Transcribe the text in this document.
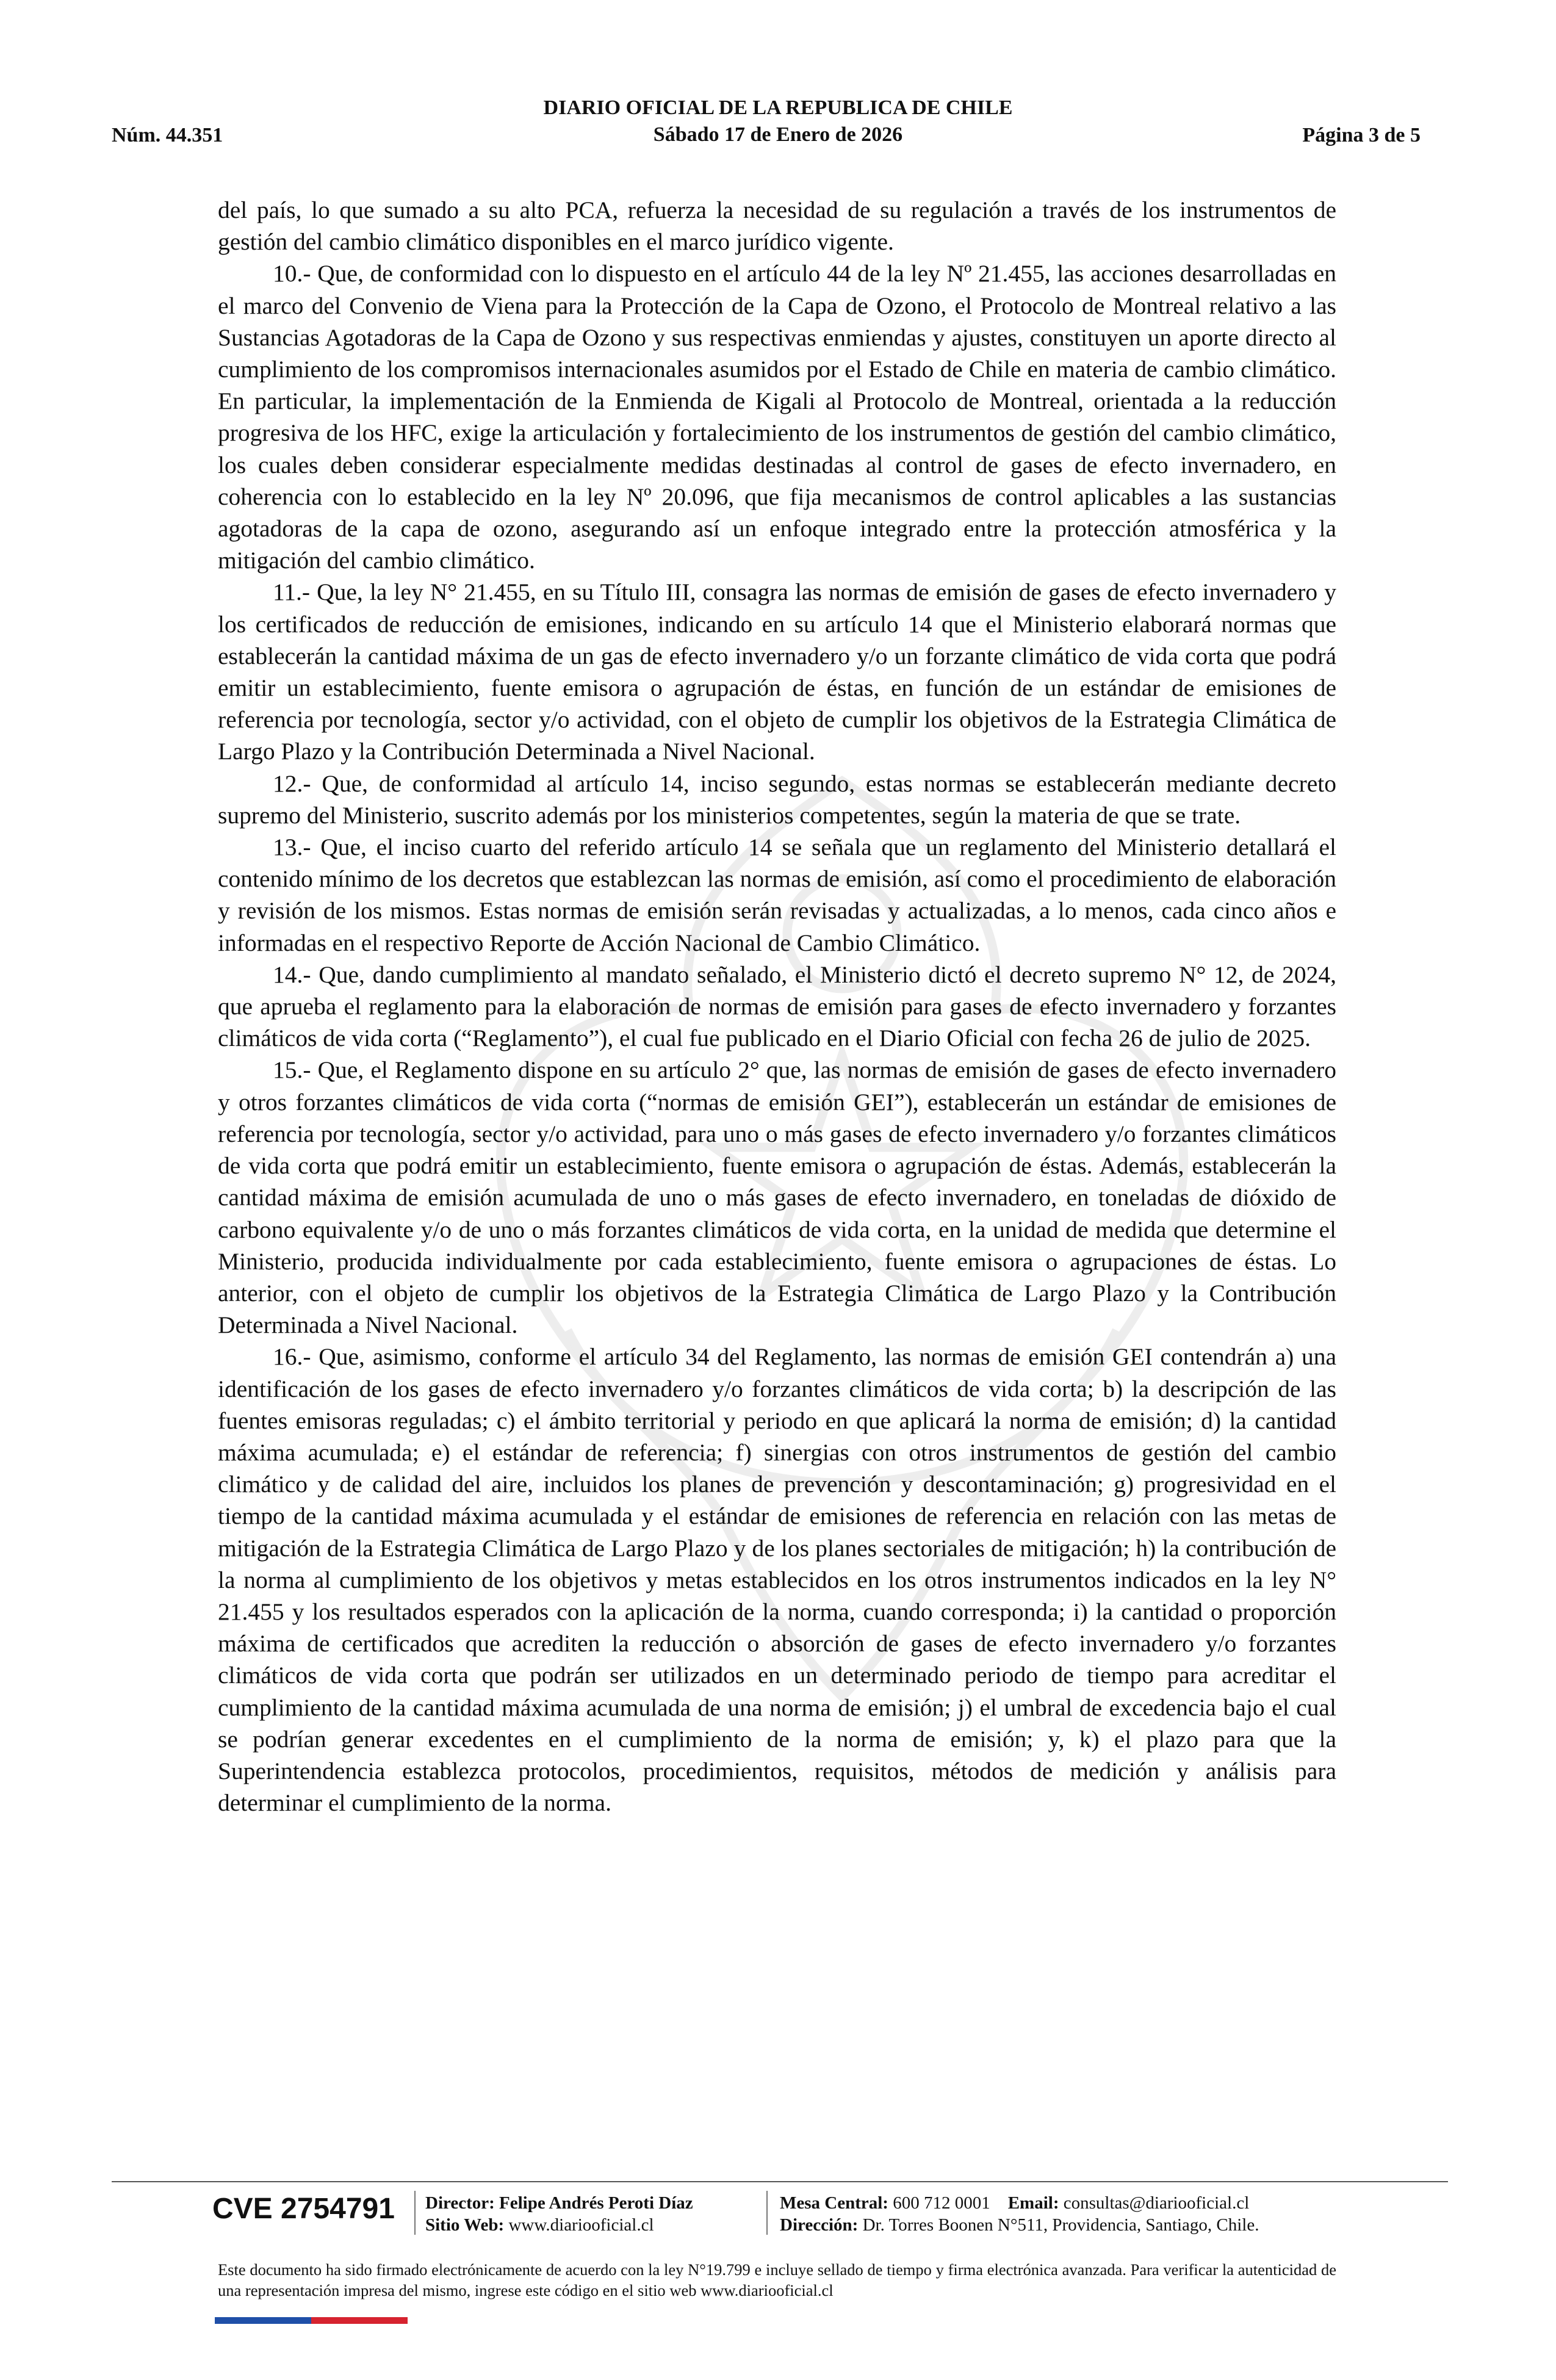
DIARIO OFICIAL DE LA REPUBLICA DE CHILE
Sábado 17 de Enero de 2026
Núm. 44.351	Página 3 de 5

del país, lo que sumado a su alto PCA, refuerza la necesidad de su regulación a través de los instrumentos de gestión del cambio climático disponibles en el marco jurídico vigente.

10.- Que, de conformidad con lo dispuesto en el artículo 44 de la ley Nº 21.455, las acciones desarrolladas en el marco del Convenio de Viena para la Protección de la Capa de Ozono, el Protocolo de Montreal relativo a las Sustancias Agotadoras de la Capa de Ozono y sus respectivas enmiendas y ajustes, constituyen un aporte directo al cumplimiento de los compromisos internacionales asumidos por el Estado de Chile en materia de cambio climático. En particular, la implementación de la Enmienda de Kigali al Protocolo de Montreal, orientada a la reducción progresiva de los HFC, exige la articulación y fortalecimiento de los instrumentos de gestión del cambio climático, los cuales deben considerar especialmente medidas destinadas al control de gases de efecto invernadero, en coherencia con lo establecido en la ley Nº 20.096, que fija mecanismos de control aplicables a las sustancias agotadoras de la capa de ozono, asegurando así un enfoque integrado entre la protección atmosférica y la mitigación del cambio climático.

11.- Que, la ley N° 21.455, en su Título III, consagra las normas de emisión de gases de efecto invernadero y los certificados de reducción de emisiones, indicando en su artículo 14 que el Ministerio elaborará normas que establecerán la cantidad máxima de un gas de efecto invernadero y/o un forzante climático de vida corta que podrá emitir un establecimiento, fuente emisora o agrupación de éstas, en función de un estándar de emisiones de referencia por tecnología, sector y/o actividad, con el objeto de cumplir los objetivos de la Estrategia Climática de Largo Plazo y la Contribución Determinada a Nivel Nacional.

12.- Que, de conformidad al artículo 14, inciso segundo, estas normas se establecerán mediante decreto supremo del Ministerio, suscrito además por los ministerios competentes, según la materia de que se trate.

13.- Que, el inciso cuarto del referido artículo 14 se señala que un reglamento del Ministerio detallará el contenido mínimo de los decretos que establezcan las normas de emisión, así como el procedimiento de elaboración y revisión de los mismos. Estas normas de emisión serán revisadas y actualizadas, a lo menos, cada cinco años e informadas en el respectivo Reporte de Acción Nacional de Cambio Climático.

14.- Que, dando cumplimiento al mandato señalado, el Ministerio dictó el decreto supremo N° 12, de 2024, que aprueba el reglamento para la elaboración de normas de emisión para gases de efecto invernadero y forzantes climáticos de vida corta (“Reglamento”), el cual fue publicado en el Diario Oficial con fecha 26 de julio de 2025.

15.- Que, el Reglamento dispone en su artículo 2° que, las normas de emisión de gases de efecto invernadero y otros forzantes climáticos de vida corta (“normas de emisión GEI”), establecerán un estándar de emisiones de referencia por tecnología, sector y/o actividad, para uno o más gases de efecto invernadero y/o forzantes climáticos de vida corta que podrá emitir un establecimiento, fuente emisora o agrupación de éstas. Además, establecerán la cantidad máxima de emisión acumulada de uno o más gases de efecto invernadero, en toneladas de dióxido de carbono equivalente y/o de uno o más forzantes climáticos de vida corta, en la unidad de medida que determine el Ministerio, producida individualmente por cada establecimiento, fuente emisora o agrupaciones de éstas. Lo anterior, con el objeto de cumplir los objetivos de la Estrategia Climática de Largo Plazo y la Contribución Determinada a Nivel Nacional.

16.- Que, asimismo, conforme el artículo 34 del Reglamento, las normas de emisión GEI contendrán a) una identificación de los gases de efecto invernadero y/o forzantes climáticos de vida corta; b) la descripción de las fuentes emisoras reguladas; c) el ámbito territorial y periodo en que aplicará la norma de emisión; d) la cantidad máxima acumulada; e) el estándar de referencia; f) sinergias con otros instrumentos de gestión del cambio climático y de calidad del aire, incluidos los planes de prevención y descontaminación; g) progresividad en el tiempo de la cantidad máxima acumulada y el estándar de emisiones de referencia en relación con las metas de mitigación de la Estrategia Climática de Largo Plazo y de los planes sectoriales de mitigación; h) la contribución de la norma al cumplimiento de los objetivos y metas establecidos en los otros instrumentos indicados en la ley N° 21.455 y los resultados esperados con la aplicación de la norma, cuando corresponda; i) la cantidad o proporción máxima de certificados que acrediten la reducción o absorción de gases de efecto invernadero y/o forzantes climáticos de vida corta que podrán ser utilizados en un determinado periodo de tiempo para acreditar el cumplimiento de la cantidad máxima acumulada de una norma de emisión; j) el umbral de excedencia bajo el cual se podrían generar excedentes en el cumplimiento de la norma de emisión; y, k) el plazo para que la Superintendencia establezca protocolos, procedimientos, requisitos, métodos de medición y análisis para determinar el cumplimiento de la norma.

CVE 2754791	Director: Felipe Andrés Peroti Díaz
Sitio Web: www.diariooficial.cl
Mesa Central: 600 712 0001 Email: consultas@diariooficial.cl
Dirección: Dr. Torres Boonen N°511, Providencia, Santiago, Chile.
Este documento ha sido firmado electrónicamente de acuerdo con la ley N°19.799 e incluye sellado de tiempo y firma electrónica avanzada. Para verificar la autenticidad de una representación impresa del mismo, ingrese este código en el sitio web www.diariooficial.cl
